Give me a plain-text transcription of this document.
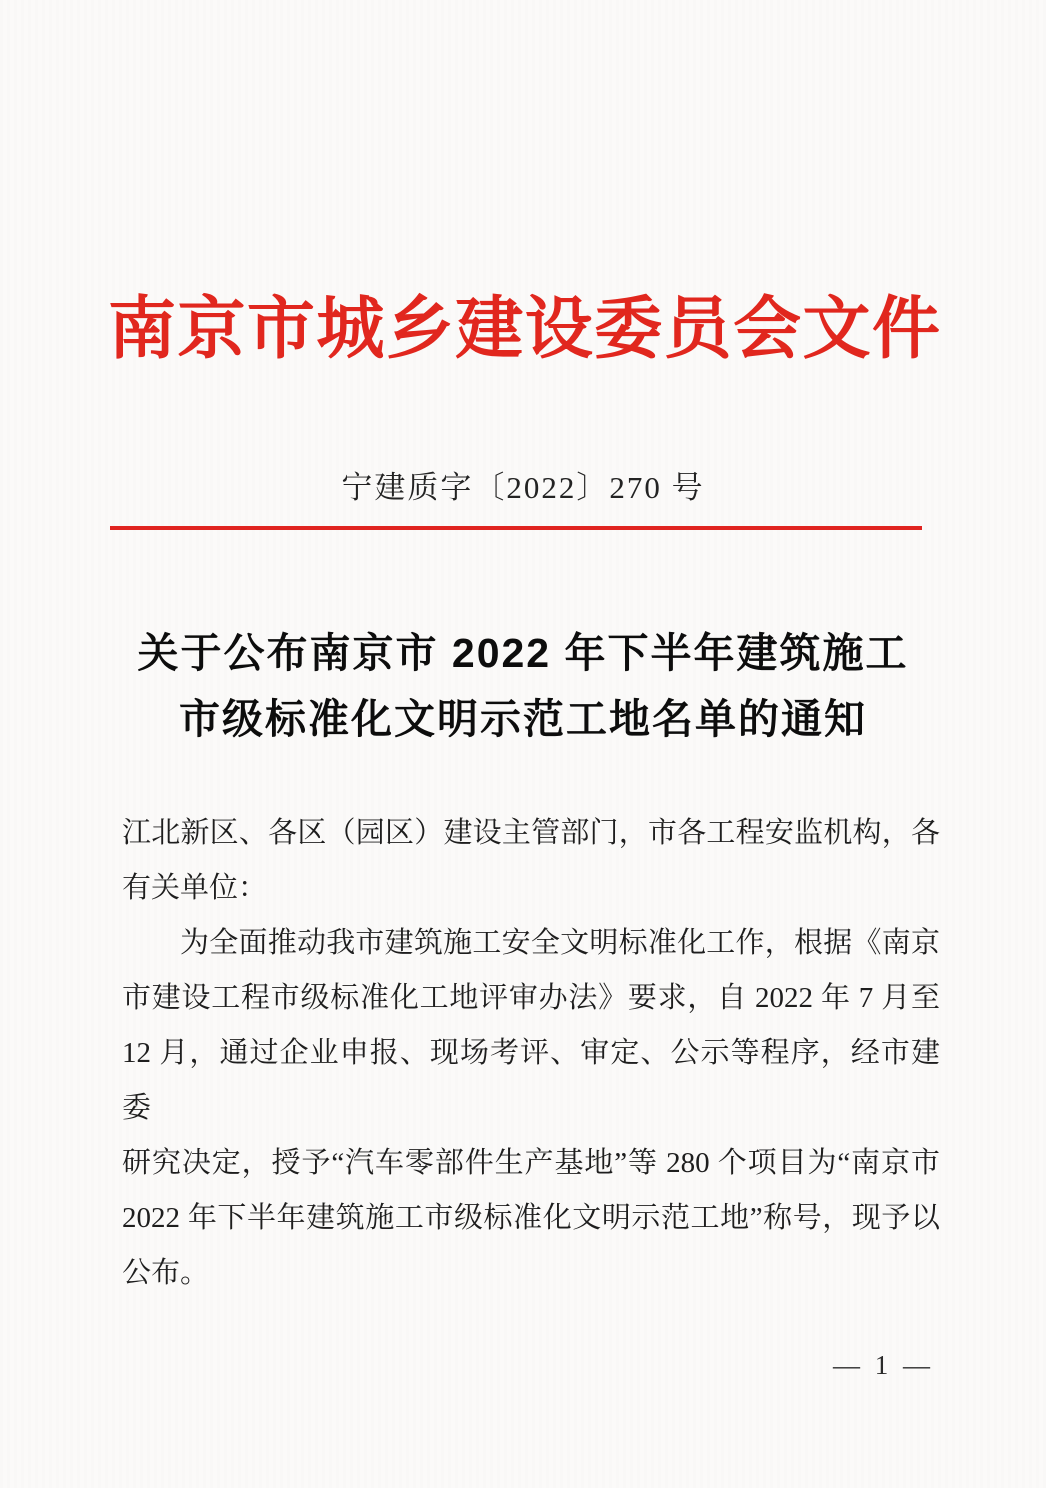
南 京 市 城 乡 建 设 委 员 会 文 件
宁建质字〔2022〕270 号
关于公布南京市 2022 年下半年建筑施工
市级标准化文明示范工地名单的通知
江北新区、各区（园区）建设主管部门，市各工程安监机构，各
有关单位：
为全面推动我市建筑施工安全文明标准化工作，根据《南京
市建设工程市级标准化工地评审办法》要求，自 2022 年 7 月至
12 月，通过企业申报、现场考评、审定、公示等程序，经市建委
研究决定，授予“汽车零部件生产基地”等 280 个项目为“南京市
2022 年下半年建筑施工市级标准化文明示范工地”称号，现予以
公布。
— 1 —
